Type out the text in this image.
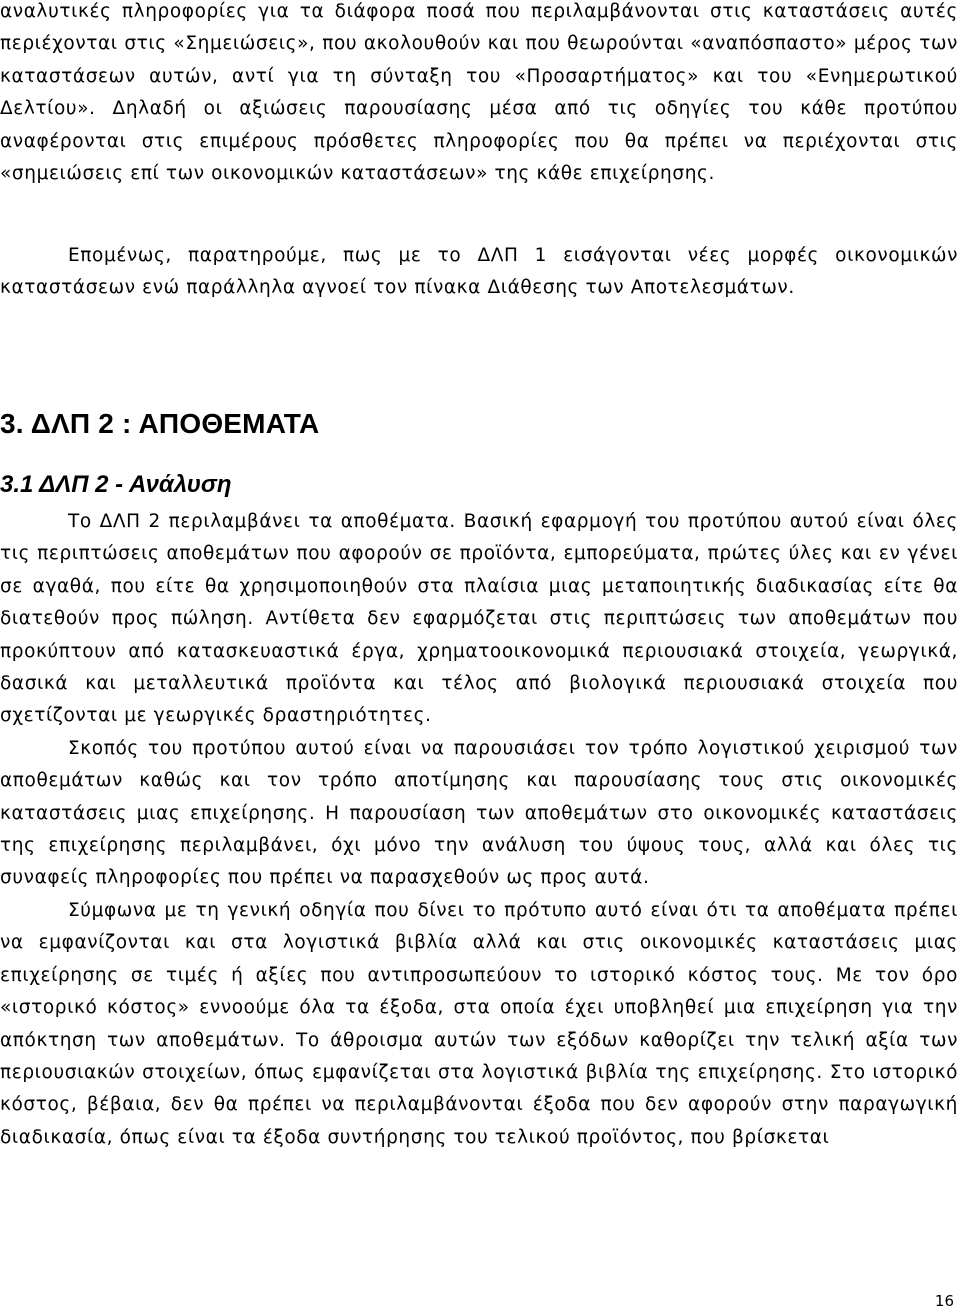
αναλυτικές πληροφορίες για τα διάφορα ποσά που περιλαμβάνονται στις καταστάσεις αυτές περιέχονται στις «Σημειώσεις», που ακολουθούν και που θεωρούνται «αναπόσπαστο» μέρος των καταστάσεων αυτών, αντί για τη σύνταξη του «Προσαρτήματος» και του «Ενημερωτικού Δελτίου». Δηλαδή οι αξιώσεις παρουσίασης μέσα από τις οδηγίες του κάθε προτύπου αναφέρονται στις επιμέρους πρόσθετες πληροφορίες που θα πρέπει να περιέχονται στις «σημειώσεις επί των οικονομικών καταστάσεων» της κάθε επιχείρησης.

Επομένως, παρατηρούμε, πως με το ΔΛΠ 1 εισάγονται νέες μορφές οικονομικών καταστάσεων ενώ παράλληλα αγνοεί τον πίνακα Διάθεσης των Αποτελεσμάτων.

3. ΔΛΠ 2 : ΑΠΟΘΕΜΑΤΑ
3.1 ΔΛΠ 2 - Ανάλυση

Το ΔΛΠ 2 περιλαμβάνει τα αποθέματα. Βασική εφαρμογή του προτύπου αυτού είναι όλες τις περιπτώσεις αποθεμάτων που αφορούν σε προϊόντα, εμπορεύματα, πρώτες ύλες και εν γένει σε αγαθά, που είτε θα χρησιμοποιηθούν στα πλαίσια μιας μεταποιητικής διαδικασίας είτε θα διατεθούν προς πώληση. Αντίθετα δεν εφαρμόζεται στις περιπτώσεις των αποθεμάτων που προκύπτουν από κατασκευαστικά έργα, χρηματοοικονομικά περιουσιακά στοιχεία, γεωργικά, δασικά και μεταλλευτικά προϊόντα και τέλος από βιολογικά περιουσιακά στοιχεία που σχετίζονται με γεωργικές δραστηριότητες.

Σκοπός του προτύπου αυτού είναι να παρουσιάσει τον τρόπο λογιστικού χειρισμού των αποθεμάτων καθώς και τον τρόπο αποτίμησης και παρουσίασης τους στις οικονομικές καταστάσεις μιας επιχείρησης. Η παρουσίαση των αποθεμάτων στο οικονομικές καταστάσεις της επιχείρησης περιλαμβάνει, όχι μόνο την ανάλυση του ύψους τους, αλλά και όλες τις συναφείς πληροφορίες που πρέπει να παρασχεθούν ως προς αυτά.

Σύμφωνα με τη γενική οδηγία που δίνει το πρότυπο αυτό είναι ότι τα αποθέματα πρέπει να εμφανίζονται και στα λογιστικά βιβλία αλλά και στις οικονομικές καταστάσεις μιας επιχείρησης σε τιμές ή αξίες που αντιπροσωπεύουν το ιστορικό κόστος τους. Με τον όρο «ιστορικό κόστος» εννοούμε όλα τα έξοδα, στα οποία έχει υποβληθεί μια επιχείρηση για την απόκτηση των αποθεμάτων. Το άθροισμα αυτών των εξόδων καθορίζει την τελική αξία των περιουσιακών στοιχείων, όπως εμφανίζεται στα λογιστικά βιβλία της επιχείρησης. Στο ιστορικό κόστος, βέβαια, δεν θα πρέπει να περιλαμβάνονται έξοδα που δεν αφορούν στην παραγωγική διαδικασία, όπως είναι τα έξοδα συντήρησης του τελικού προϊόντος, που βρίσκεται

16
